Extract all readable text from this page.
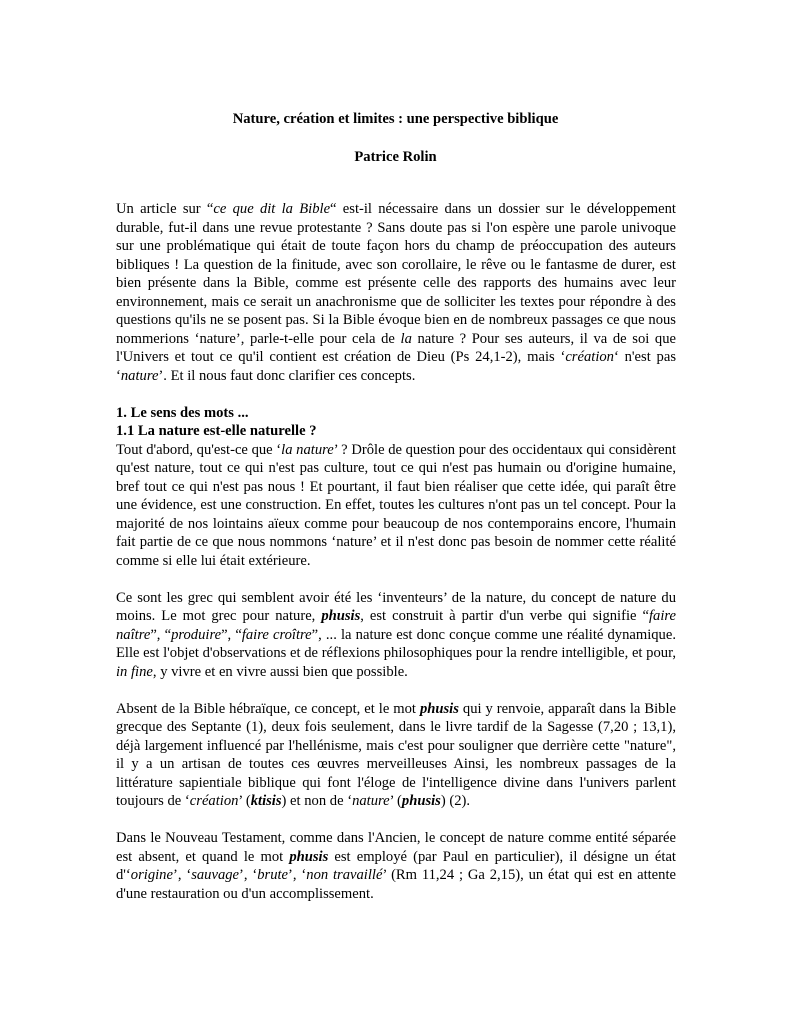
Nature, création et limites : une perspective biblique
Patrice Rolin

Un article sur “ce que dit la Bible“ est-il nécessaire dans un dossier sur le développement durable, fut-il dans une revue protestante ? Sans doute pas si l'on espère une parole univoque sur une problématique qui était de toute façon hors du champ de préoccupation des auteurs bibliques ! La question de la finitude, avec son corollaire, le rêve ou le fantasme de durer, est bien présente dans la Bible, comme est présente celle des rapports des humains avec leur environnement, mais ce serait un anachronisme que de solliciter les textes pour répondre à des questions qu'ils ne se posent pas. Si la Bible évoque bien en de nombreux passages ce que nous nommerions ‘nature’, parle-t-elle pour cela de la nature ? Pour ses auteurs, il va de soi que l'Univers et tout ce qu'il contient est création de Dieu (Ps 24,1-2), mais ‘création‘ n'est pas ‘nature’. Et il nous faut donc clarifier ces concepts.

1. Le sens des mots ...
1.1 La nature est-elle naturelle ?

Tout d'abord, qu'est-ce que ‘la nature’ ? Drôle de question pour des occidentaux qui considèrent qu'est nature, tout ce qui n'est pas culture, tout ce qui n'est pas humain ou d'origine humaine, bref tout ce qui n'est pas nous ! Et pourtant, il faut bien réaliser que cette idée, qui paraît être une évidence, est une construction. En effet, toutes les cultures n'ont pas un tel concept. Pour la majorité de nos lointains aïeux comme pour beaucoup de nos contemporains encore, l'humain fait partie de ce que nous nommons ‘nature’ et il n'est donc pas besoin de nommer cette réalité comme si elle lui était extérieure.

Ce sont les grec qui semblent avoir été les ‘inventeurs’ de la nature, du concept de nature du moins. Le mot grec pour nature, phusis, est construit à partir d'un verbe qui signifie “faire naître”, “produire”, “faire croître”, ... la nature est donc conçue comme une réalité dynamique. Elle est l'objet d'observations et de réflexions philosophiques pour la rendre intelligible, et pour, in fine, y vivre et en vivre aussi bien que possible.

Absent de la Bible hébraïque, ce concept, et le mot phusis qui y renvoie, apparaît dans la Bible grecque des Septante (1), deux fois seulement, dans le livre tardif de la Sagesse (7,20 ; 13,1), déjà largement influencé par l'hellénisme, mais c'est pour souligner que derrière cette "nature", il y a un artisan de toutes ces œuvres merveilleuses Ainsi, les nombreux passages de la littérature sapientiale biblique qui font l'éloge de l'intelligence divine dans l'univers parlent toujours de ‘création’ (ktisis) et non de ‘nature’ (phusis) (2).

Dans le Nouveau Testament, comme dans l'Ancien, le concept de nature comme entité séparée est absent, et quand le mot phusis est employé (par Paul en particulier), il désigne un état d'‘origine’, ‘sauvage’, ‘brute’, ‘non travaillé’ (Rm 11,24 ; Ga 2,15), un état qui est en attente d'une restauration ou d'un accomplissement.
